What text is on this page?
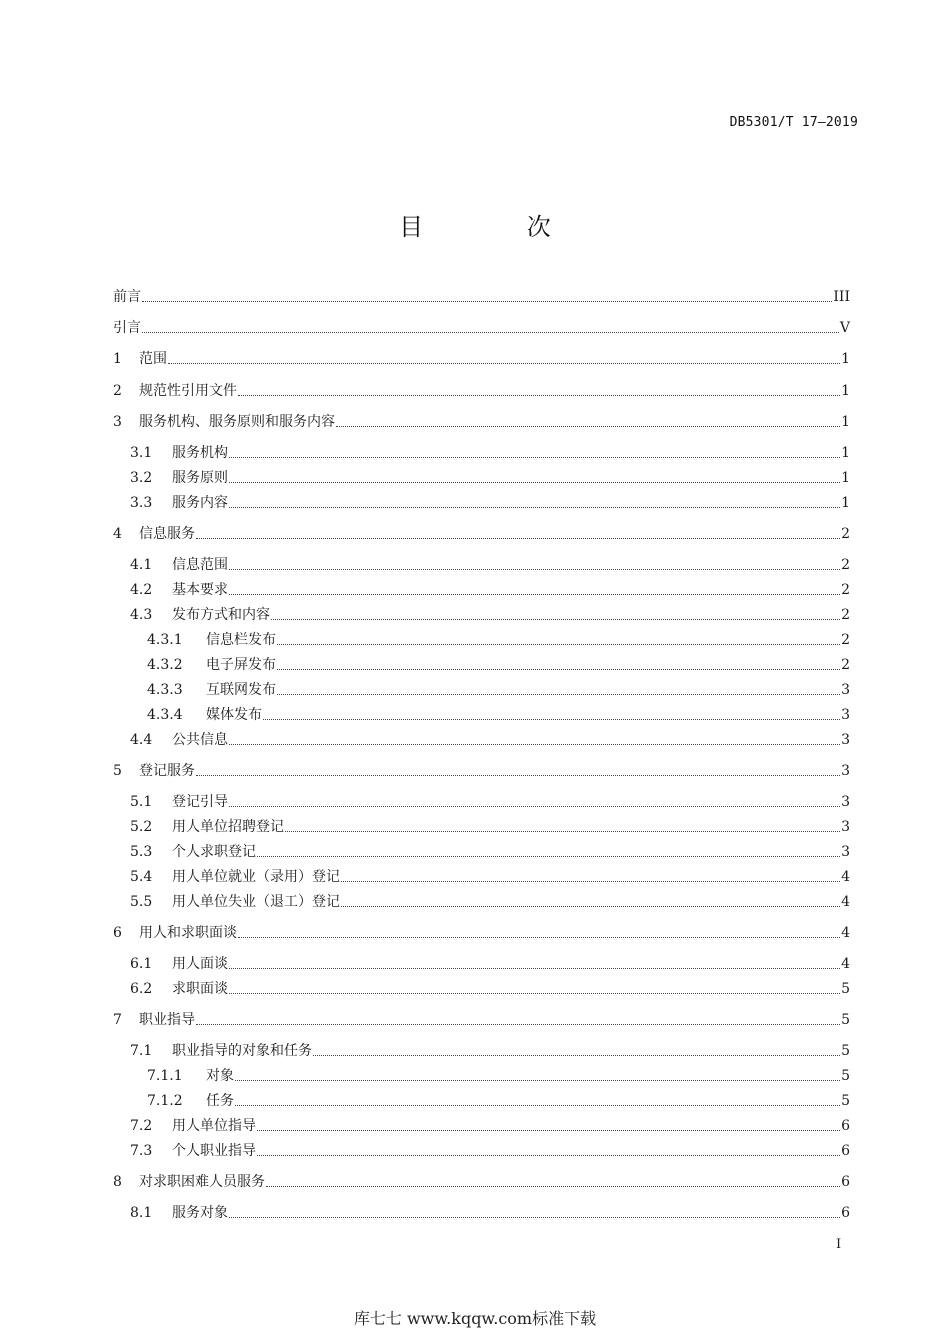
DB5301/T 17—2019
目 次
前言	III
引言	V
1	范围	1
2	规范性引用文件	1
3	服务机构、服务原则和服务内容	1
3.1	服务机构	1
3.2	服务原则	1
3.3	服务内容	1
4	信息服务	2
4.1	信息范围	2
4.2	基本要求	2
4.3	发布方式和内容	2
4.3.1	信息栏发布	2
4.3.2	电子屏发布	2
4.3.3	互联网发布	3
4.3.4	媒体发布	3
4.4	公共信息	3
5	登记服务	3
5.1	登记引导	3
5.2	用人单位招聘登记	3
5.3	个人求职登记	3
5.4	用人单位就业（录用）登记	4
5.5	用人单位失业（退工）登记	4
6	用人和求职面谈	4
6.1	用人面谈	4
6.2	求职面谈	5
7	职业指导	5
7.1	职业指导的对象和任务	5
7.1.1	对象	5
7.1.2	任务	5
7.2	用人单位指导	6
7.3	个人职业指导	6
8	对求职困难人员服务	6
8.1	服务对象	6
I
库七七 www.kqqw.com标准下载
